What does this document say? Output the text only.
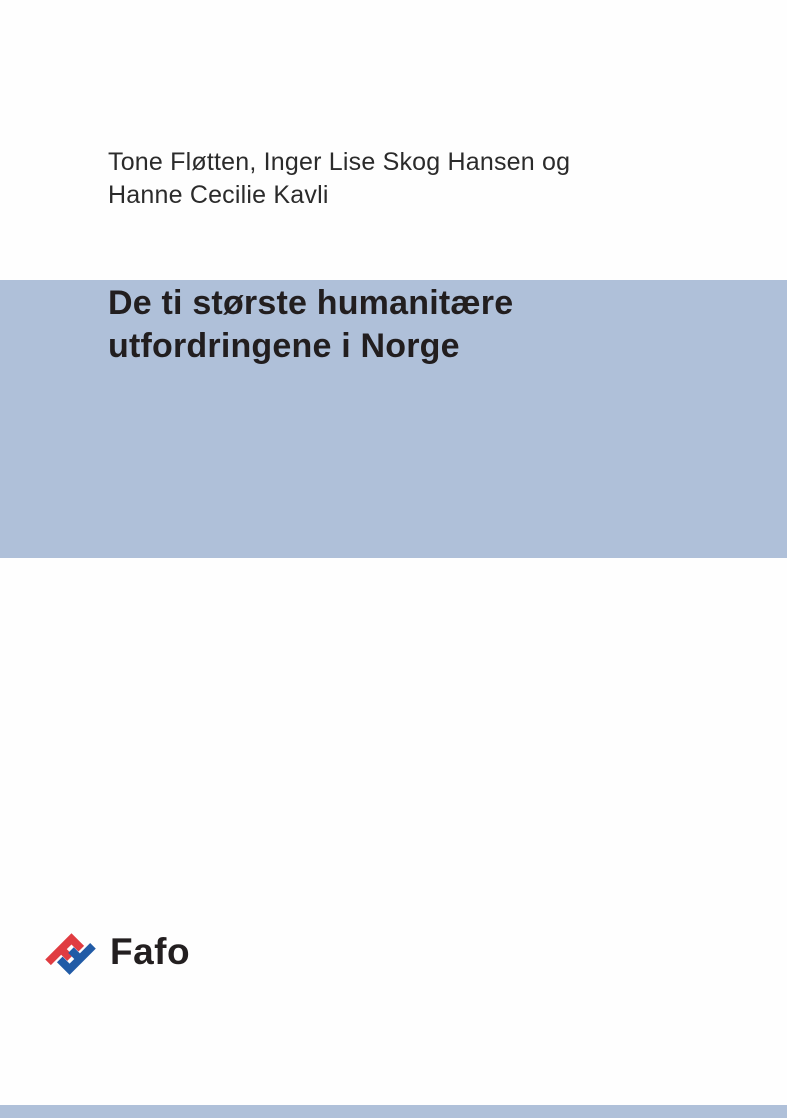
Tone Fløtten, Inger Lise Skog Hansen og
Hanne Cecilie Kavli
De ti største humanitære
utfordringene i Norge
Fafo
